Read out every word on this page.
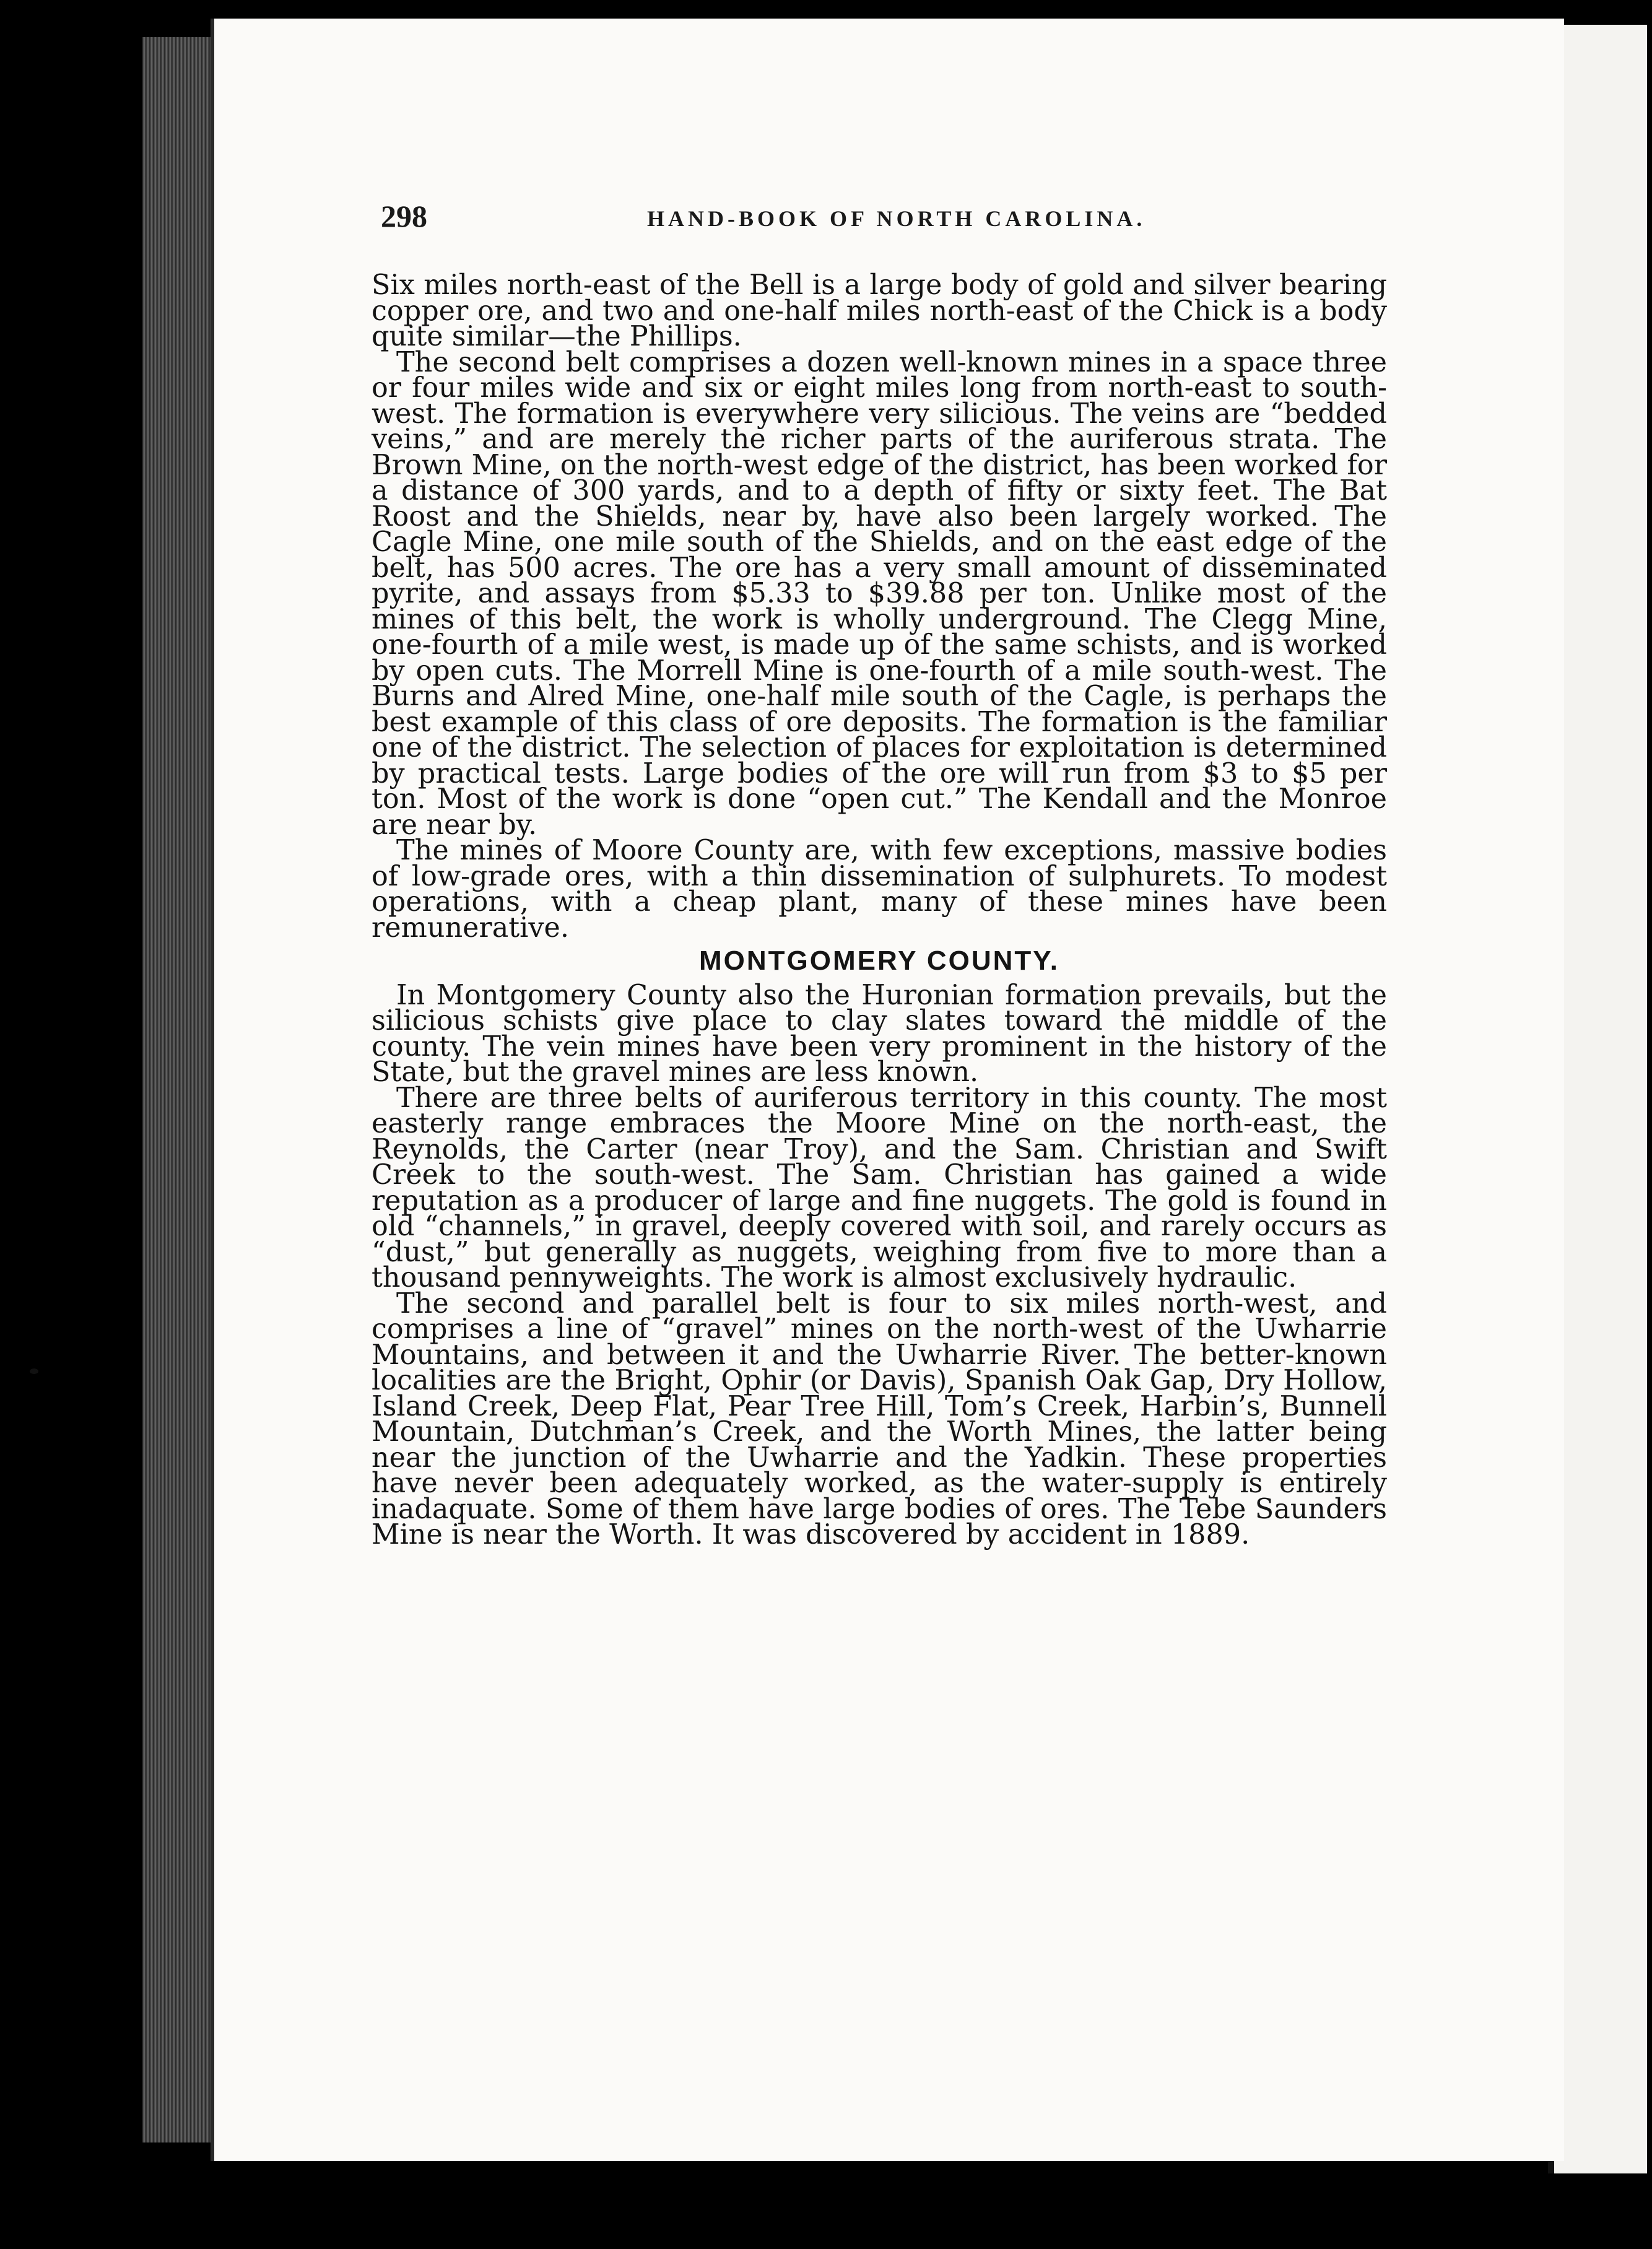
298	HAND-BOOK OF NORTH CAROLINA.

Six miles north-east of the Bell is a large body of gold and silver bearing copper ore, and two and one-half miles north-east of the Chick is a body quite similar—the Phillips.

The second belt comprises a dozen well-known mines in a space three or four miles wide and six or eight miles long from north-east to south-west. The formation is everywhere very silicious. The veins are “bedded veins,” and are merely the richer parts of the auriferous strata. The Brown Mine, on the north-west edge of the district, has been worked for a distance of 300 yards, and to a depth of fifty or sixty feet. The Bat Roost and the Shields, near by, have also been largely worked. The Cagle Mine, one mile south of the Shields, and on the east edge of the belt, has 500 acres. The ore has a very small amount of disseminated pyrite, and assays from $5.33 to $39.88 per ton. Unlike most of the mines of this belt, the work is wholly underground. The Clegg Mine, one-fourth of a mile west, is made up of the same schists, and is worked by open cuts. The Morrell Mine is one-fourth of a mile south-west. The Burns and Alred Mine, one-half mile south of the Cagle, is perhaps the best example of this class of ore deposits. The formation is the familiar one of the district. The selection of places for exploitation is determined by practical tests. Large bodies of the ore will run from $3 to $5 per ton. Most of the work is done “open cut.” The Kendall and the Monroe are near by.

The mines of Moore County are, with few exceptions, massive bodies of low-grade ores, with a thin dissemination of sulphurets. To modest operations, with a cheap plant, many of these mines have been remunerative.

MONTGOMERY COUNTY.

In Montgomery County also the Huronian formation prevails, but the silicious schists give place to clay slates toward the middle of the county. The vein mines have been very prominent in the history of the State, but the gravel mines are less known.

There are three belts of auriferous territory in this county. The most easterly range embraces the Moore Mine on the north-east, the Reynolds, the Carter (near Troy), and the Sam. Christian and Swift Creek to the south-west. The Sam. Christian has gained a wide reputation as a producer of large and fine nuggets. The gold is found in old “channels,” in gravel, deeply covered with soil, and rarely occurs as “dust,” but generally as nuggets, weighing from five to more than a thousand pennyweights. The work is almost exclusively hydraulic.

The second and parallel belt is four to six miles north-west, and comprises a line of “gravel” mines on the north-west of the Uwharrie Mountains, and between it and the Uwharrie River. The better-known localities are the Bright, Ophir (or Davis), Spanish Oak Gap, Dry Hollow, Island Creek, Deep Flat, Pear Tree Hill, Tom’s Creek, Harbin’s, Bunnell Mountain, Dutchman’s Creek, and the Worth Mines, the latter being near the junction of the Uwharrie and the Yadkin. These properties have never been adequately worked, as the water-supply is entirely inadaquate. Some of them have large bodies of ores. The Tebe Saunders Mine is near the Worth. It was discovered by accident in 1889.
